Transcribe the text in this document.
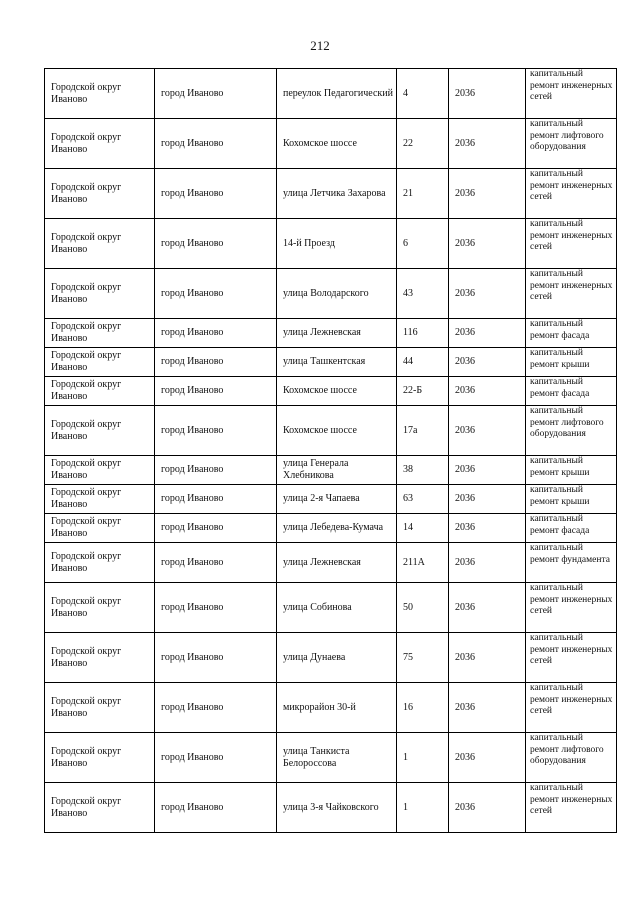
212
Городской округ Иваново	город Иваново	переулок Педагогический	4	2036	капитальный ремонт инженерных сетей
Городской округ Иваново	город Иваново	Кохомское шоссе	22	2036	капитальный ремонт лифтового оборудования
Городской округ Иваново	город Иваново	улица Летчика Захарова	21	2036	капитальный ремонт инженерных сетей
Городской округ Иваново	город Иваново	14-й Проезд	6	2036	капитальный ремонт инженерных сетей
Городской округ Иваново	город Иваново	улица Володарского	43	2036	капитальный ремонт инженерных сетей
Городской округ Иваново	город Иваново	улица Лежневская	116	2036	капитальный ремонт фасада
Городской округ Иваново	город Иваново	улица Ташкентская	44	2036	капитальный ремонт крыши
Городской округ Иваново	город Иваново	Кохомское шоссе	22-Б	2036	капитальный ремонт фасада
Городской округ Иваново	город Иваново	Кохомское шоссе	17а	2036	капитальный ремонт лифтового оборудования
Городской округ Иваново	город Иваново	улица Генерала Хлебникова	38	2036	капитальный ремонт крыши
Городской округ Иваново	город Иваново	улица 2-я Чапаева	63	2036	капитальный ремонт крыши
Городской округ Иваново	город Иваново	улица Лебедева-Кумача	14	2036	капитальный ремонт фасада
Городской округ Иваново	город Иваново	улица Лежневская	211А	2036	капитальный ремонт фундамента
Городской округ Иваново	город Иваново	улица Собинова	50	2036	капитальный ремонт инженерных сетей
Городской округ Иваново	город Иваново	улица Дунаева	75	2036	капитальный ремонт инженерных сетей
Городской округ Иваново	город Иваново	микрорайон 30-й	16	2036	капитальный ремонт инженерных сетей
Городской округ Иваново	город Иваново	улица Танкиста Белороссова	1	2036	капитальный ремонт лифтового оборудования
Городской округ Иваново	город Иваново	улица 3-я Чайковского	1	2036	капитальный ремонт инженерных сетей
